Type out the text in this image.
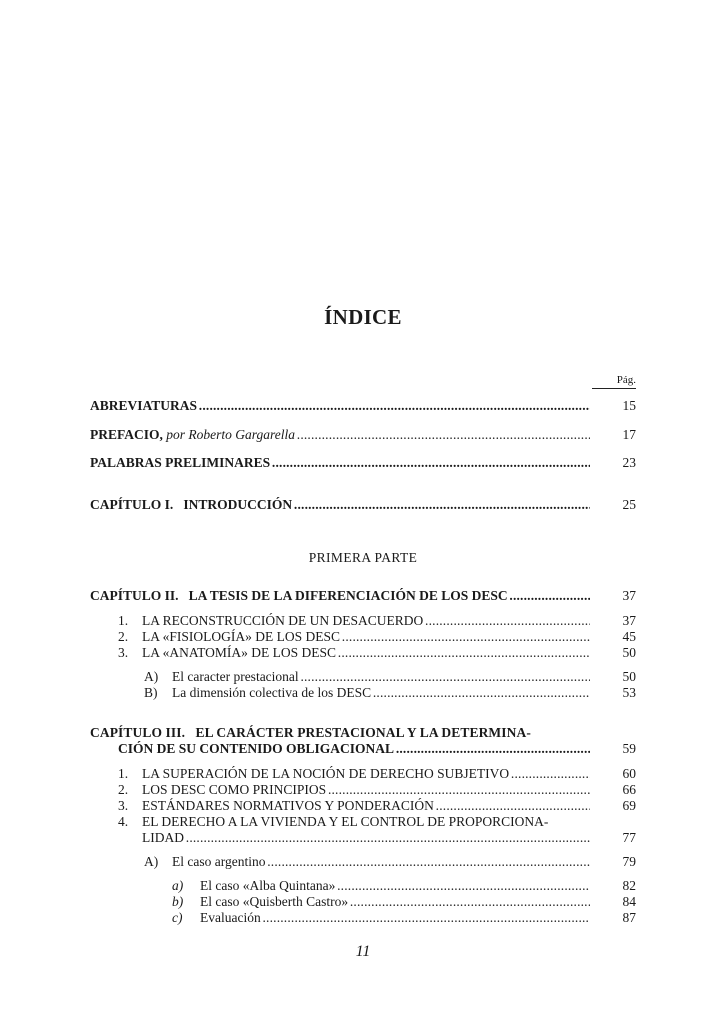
ÍNDICE
Pág.
ABREVIATURAS . . .	15
PREFACIO, por Roberto Gargarella . . .	17
PALABRAS PRELIMINARES . . .	23
CAPÍTULO I.   INTRODUCCIÓN . . .	25
PRIMERA PARTE
CAPÍTULO II.   LA TESIS DE LA DIFERENCIACIÓN DE LOS DESC . . .	37
1. LA RECONSTRUCCIÓN DE UN DESACUERDO . . .	37
2. LA «FISIOLOGÍA» DE LOS DESC . . .	45
3. LA «ANATOMÍA» DE LOS DESC . . .	50
A) El caracter prestacional . . .	50
B) La dimensión colectiva de los DESC . . .	53
CAPÍTULO III.   EL CARÁCTER PRESTACIONAL Y LA DETERMINA-
CIÓN DE SU CONTENIDO OBLIGACIONAL . . .	59
1. LA SUPERACIÓN DE LA NOCIÓN DE DERECHO SUBJETIVO . . .	60
2. LOS DESC COMO PRINCIPIOS . . .	66
3. ESTÁNDARES NORMATIVOS Y PONDERACIÓN . . .	69
4. EL DERECHO A LA VIVIENDA Y EL CONTROL DE PROPORCIONA-
LIDAD . . .	77
A) El caso argentino . . .	79
a) El caso «Alba Quintana» . . .	82
b) El caso «Quisberth Castro» . . .	84
c) Evaluación . . .	87
11
